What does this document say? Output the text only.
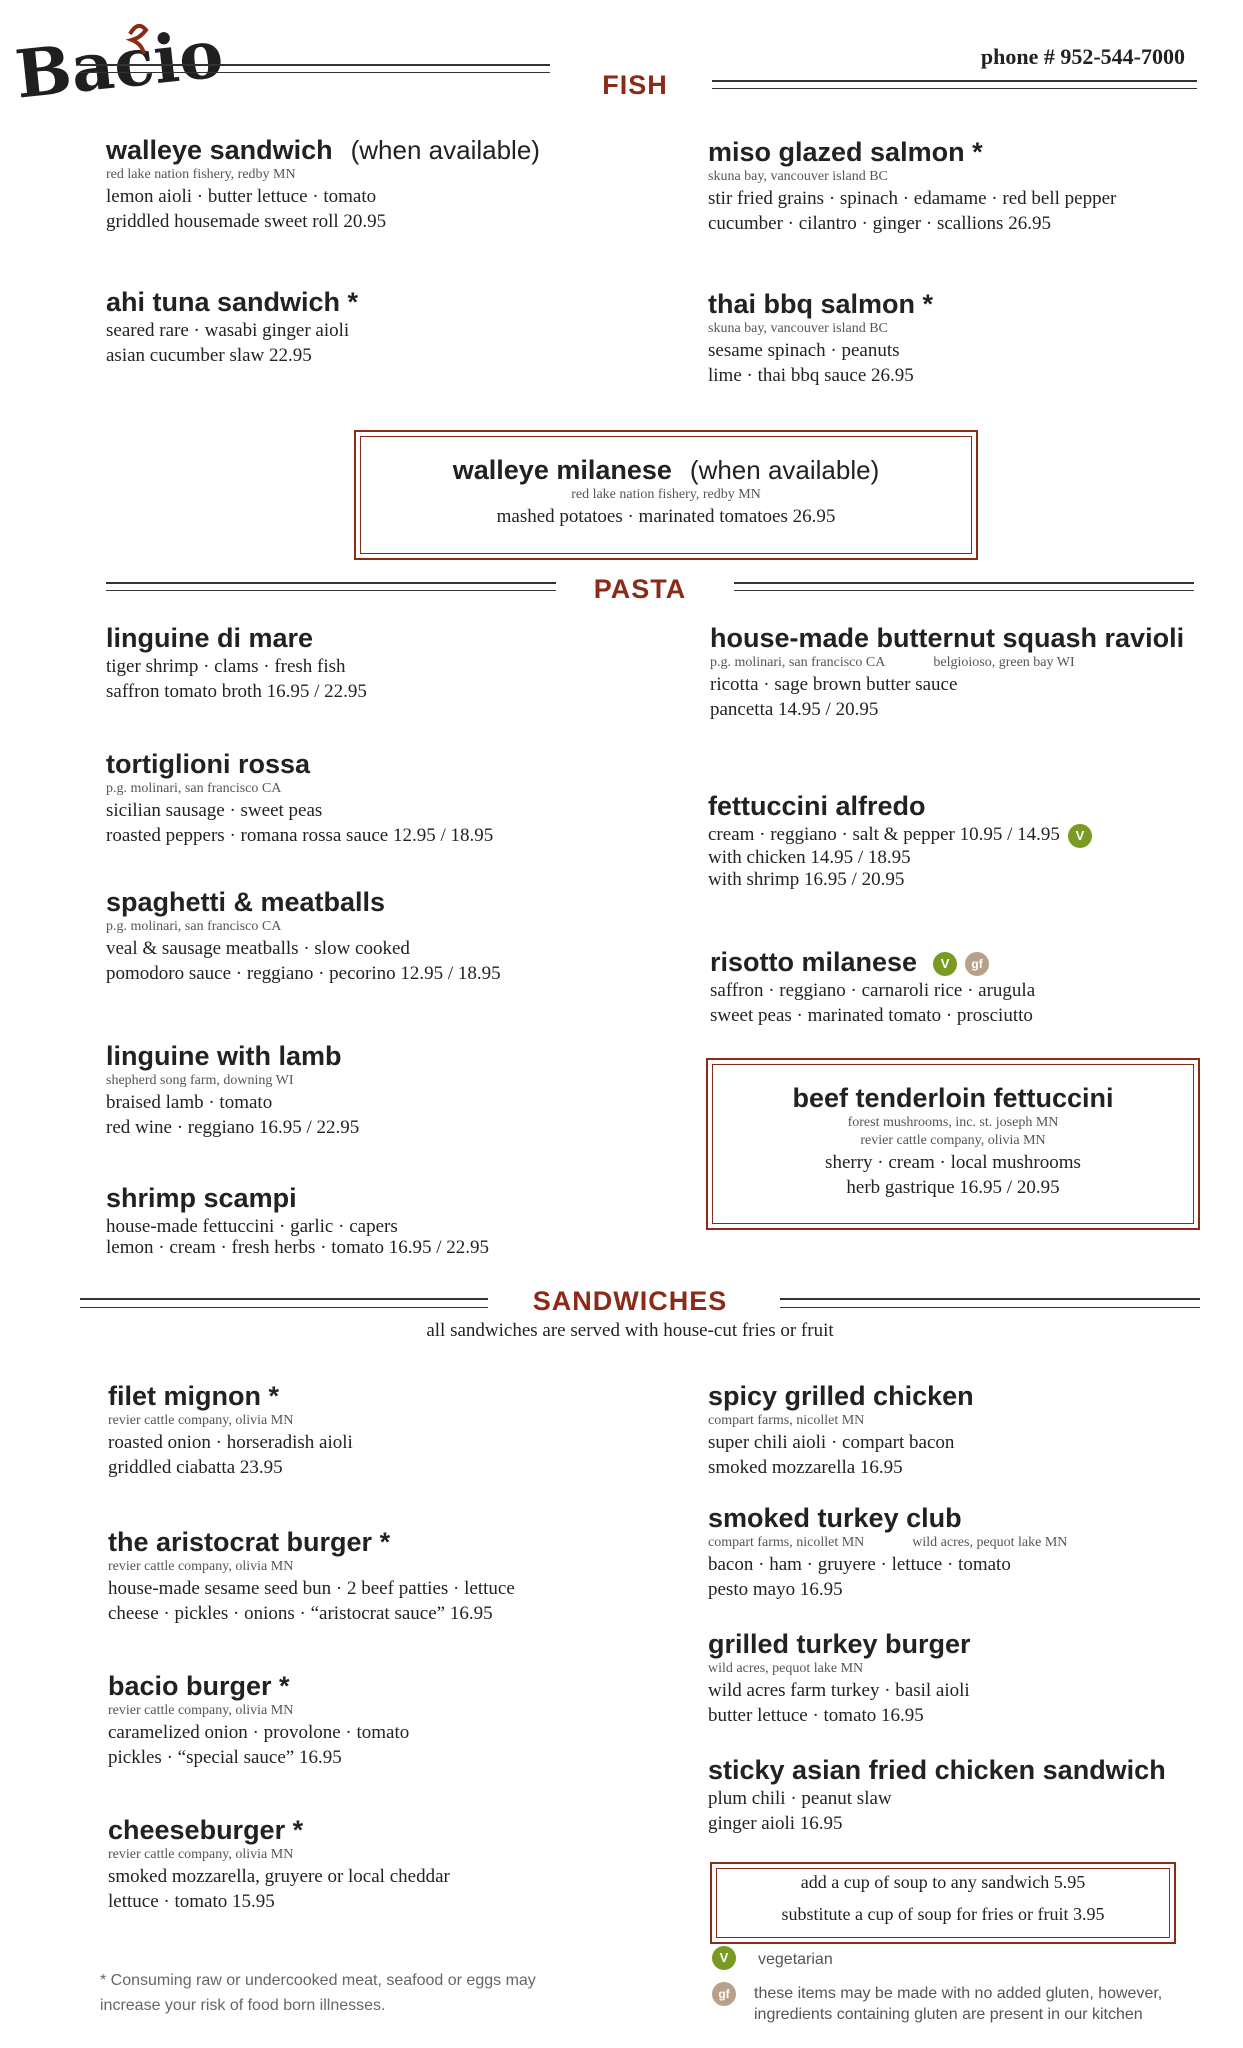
Bacio	phone # 952-544-7000
FISH
walleye sandwich (when available)
red lake nation fishery, redby MN
lemon aioli · butter lettuce · tomato
griddled housemade sweet roll 20.95
ahi tuna sandwich *
seared rare · wasabi ginger aioli
asian cucumber slaw 22.95
miso glazed salmon *
skuna bay, vancouver island BC
stir fried grains · spinach · edamame · red bell pepper
cucumber · cilantro · ginger · scallions 26.95
thai bbq salmon *
skuna bay, vancouver island BC
sesame spinach · peanuts
lime · thai bbq sauce 26.95
walleye milanese (when available)
red lake nation fishery, redby MN
mashed potatoes · marinated tomatoes 26.95
PASTA
linguine di mare
tiger shrimp · clams · fresh fish
saffron tomato broth 16.95 / 22.95
tortiglioni rossa
p.g. molinari, san francisco CA
sicilian sausage · sweet peas
roasted peppers · romana rossa sauce 12.95 / 18.95
spaghetti & meatballs
p.g. molinari, san francisco CA
veal & sausage meatballs · slow cooked
pomodoro sauce · reggiano · pecorino 12.95 / 18.95
linguine with lamb
shepherd song farm, downing WI
braised lamb · tomato
red wine · reggiano 16.95 / 22.95
shrimp scampi
house-made fettuccini · garlic · capers
lemon · cream · fresh herbs · tomato 16.95 / 22.95
house-made butternut squash ravioli
p.g. molinari, san francisco CA	belgioioso, green bay WI
ricotta · sage brown butter sauce
pancetta 14.95 / 20.95
fettuccini alfredo
cream · reggiano · salt & pepper 10.95 / 14.95 V
with chicken 14.95 / 18.95
with shrimp 16.95 / 20.95
risotto milanese V gf
saffron · reggiano · carnaroli rice · arugula
sweet peas · marinated tomato · prosciutto
beef tenderloin fettuccini
forest mushrooms, inc. st. joseph MN
revier cattle company, olivia MN
sherry · cream · local mushrooms
herb gastrique 16.95 / 20.95
SANDWICHES
all sandwiches are served with house-cut fries or fruit
filet mignon *
revier cattle company, olivia MN
roasted onion · horseradish aioli
griddled ciabatta 23.95
the aristocrat burger *
revier cattle company, olivia MN
house-made sesame seed bun · 2 beef patties · lettuce
cheese · pickles · onions · “aristocrat sauce” 16.95
bacio burger *
revier cattle company, olivia MN
caramelized onion · provolone · tomato
pickles · “special sauce” 16.95
cheeseburger *
revier cattle company, olivia MN
smoked mozzarella, gruyere or local cheddar
lettuce · tomato 15.95
spicy grilled chicken
compart farms, nicollet MN
super chili aioli · compart bacon
smoked mozzarella 16.95
smoked turkey club
compart farms, nicollet MN	wild acres, pequot lake MN
bacon · ham · gruyere · lettuce · tomato
pesto mayo 16.95
grilled turkey burger
wild acres, pequot lake MN
wild acres farm turkey · basil aioli
butter lettuce · tomato 16.95
sticky asian fried chicken sandwich
plum chili · peanut slaw
ginger aioli 16.95
add a cup of soup to any sandwich 5.95
substitute a cup of soup for fries or fruit 3.95
V	vegetarian
gf	these items may be made with no added gluten, however,
ingredients containing gluten are present in our kitchen
* Consuming raw or undercooked meat, seafood or eggs may
increase your risk of food born illnesses.
